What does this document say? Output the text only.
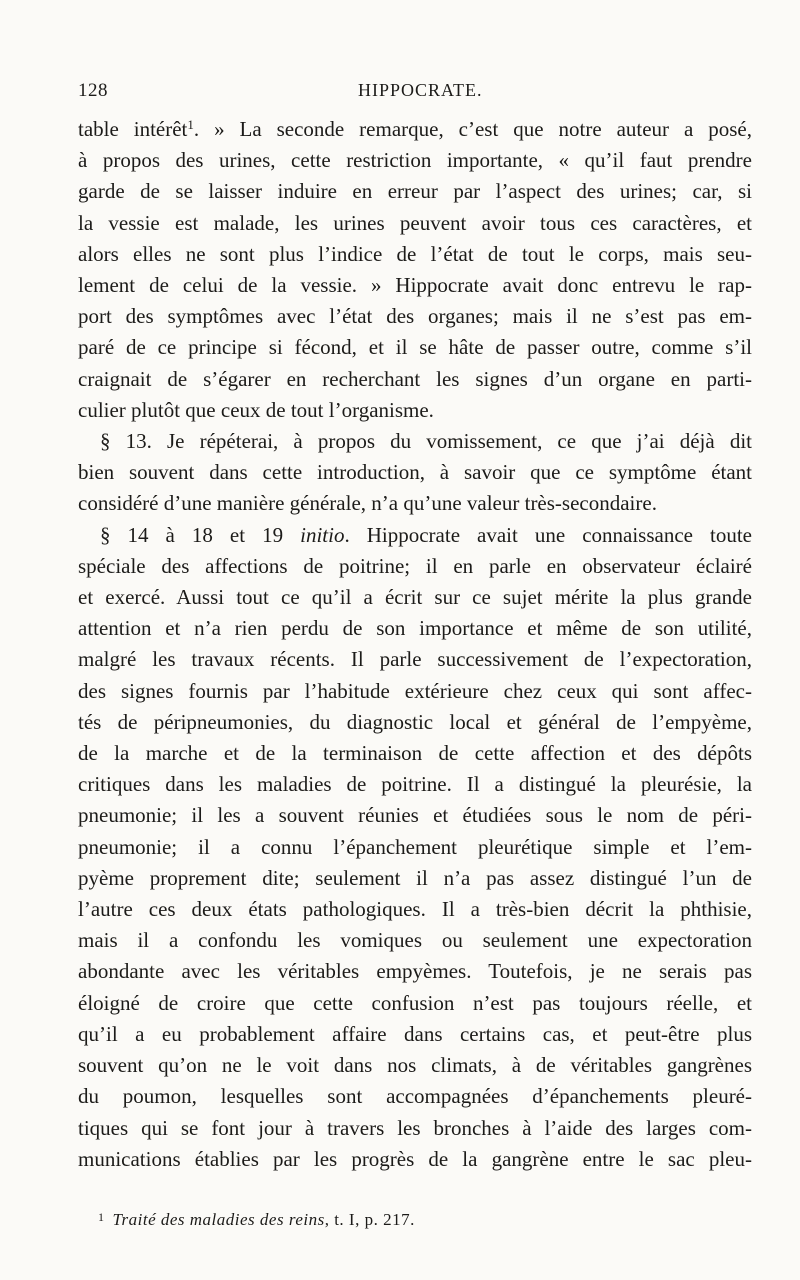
128	HIPPOCRATE.

table intérêt$^1$. » La seconde remarque, c’est que notre auteur a posé,

à propos des urines, cette restriction importante, « qu’il faut prendre

garde de se laisser induire en erreur par l’aspect des urines; car, si

la vessie est malade, les urines peuvent avoir tous ces caractères, et

alors elles ne sont plus l’indice de l’état de tout le corps, mais seu-

lement de celui de la vessie. » Hippocrate avait donc entrevu le rap-

port des symptômes avec l’état des organes; mais il ne s’est pas em-

paré de ce principe si fécond, et il se hâte de passer outre, comme s’il

craignait de s’égarer en recherchant les signes d’un organe en parti-

culier plutôt que ceux de tout l’organisme.

§ 13. Je répéterai, à propos du vomissement, ce que j’ai déjà dit

bien souvent dans cette introduction, à savoir que ce symptôme étant

considéré d’une manière générale, n’a qu’une valeur très-secondaire.

§ 14 à 18 et 19 initio. Hippocrate avait une connaissance toute

spéciale des affections de poitrine; il en parle en observateur éclairé

et exercé. Aussi tout ce qu’il a écrit sur ce sujet mérite la plus grande

attention et n’a rien perdu de son importance et même de son utilité,

malgré les travaux récents. Il parle successivement de l’expectoration,

des signes fournis par l’habitude extérieure chez ceux qui sont affec-

tés de péripneumonies, du diagnostic local et général de l’empyème,

de la marche et de la terminaison de cette affection et des dépôts

critiques dans les maladies de poitrine. Il a distingué la pleurésie, la

pneumonie; il les a souvent réunies et étudiées sous le nom de péri-

pneumonie; il a connu l’épanchement pleurétique simple et l’em-

pyème proprement dite; seulement il n’a pas assez distingué l’un de

l’autre ces deux états pathologiques. Il a très-bien décrit la phthisie,

mais il a confondu les vomiques ou seulement une expectoration

abondante avec les véritables empyèmes. Toutefois, je ne serais pas

éloigné de croire que cette confusion n’est pas toujours réelle, et

qu’il a eu probablement affaire dans certains cas, et peut-être plus

souvent qu’on ne le voit dans nos climats, à de véritables gangrènes

du poumon, lesquelles sont accompagnées d’épanchements pleuré-

tiques qui se font jour à travers les bronches à l’aide des larges com-

munications établies par les progrès de la gangrène entre le sac pleu-

$^1$ Traité des maladies des reins, t. I, p. 217.
